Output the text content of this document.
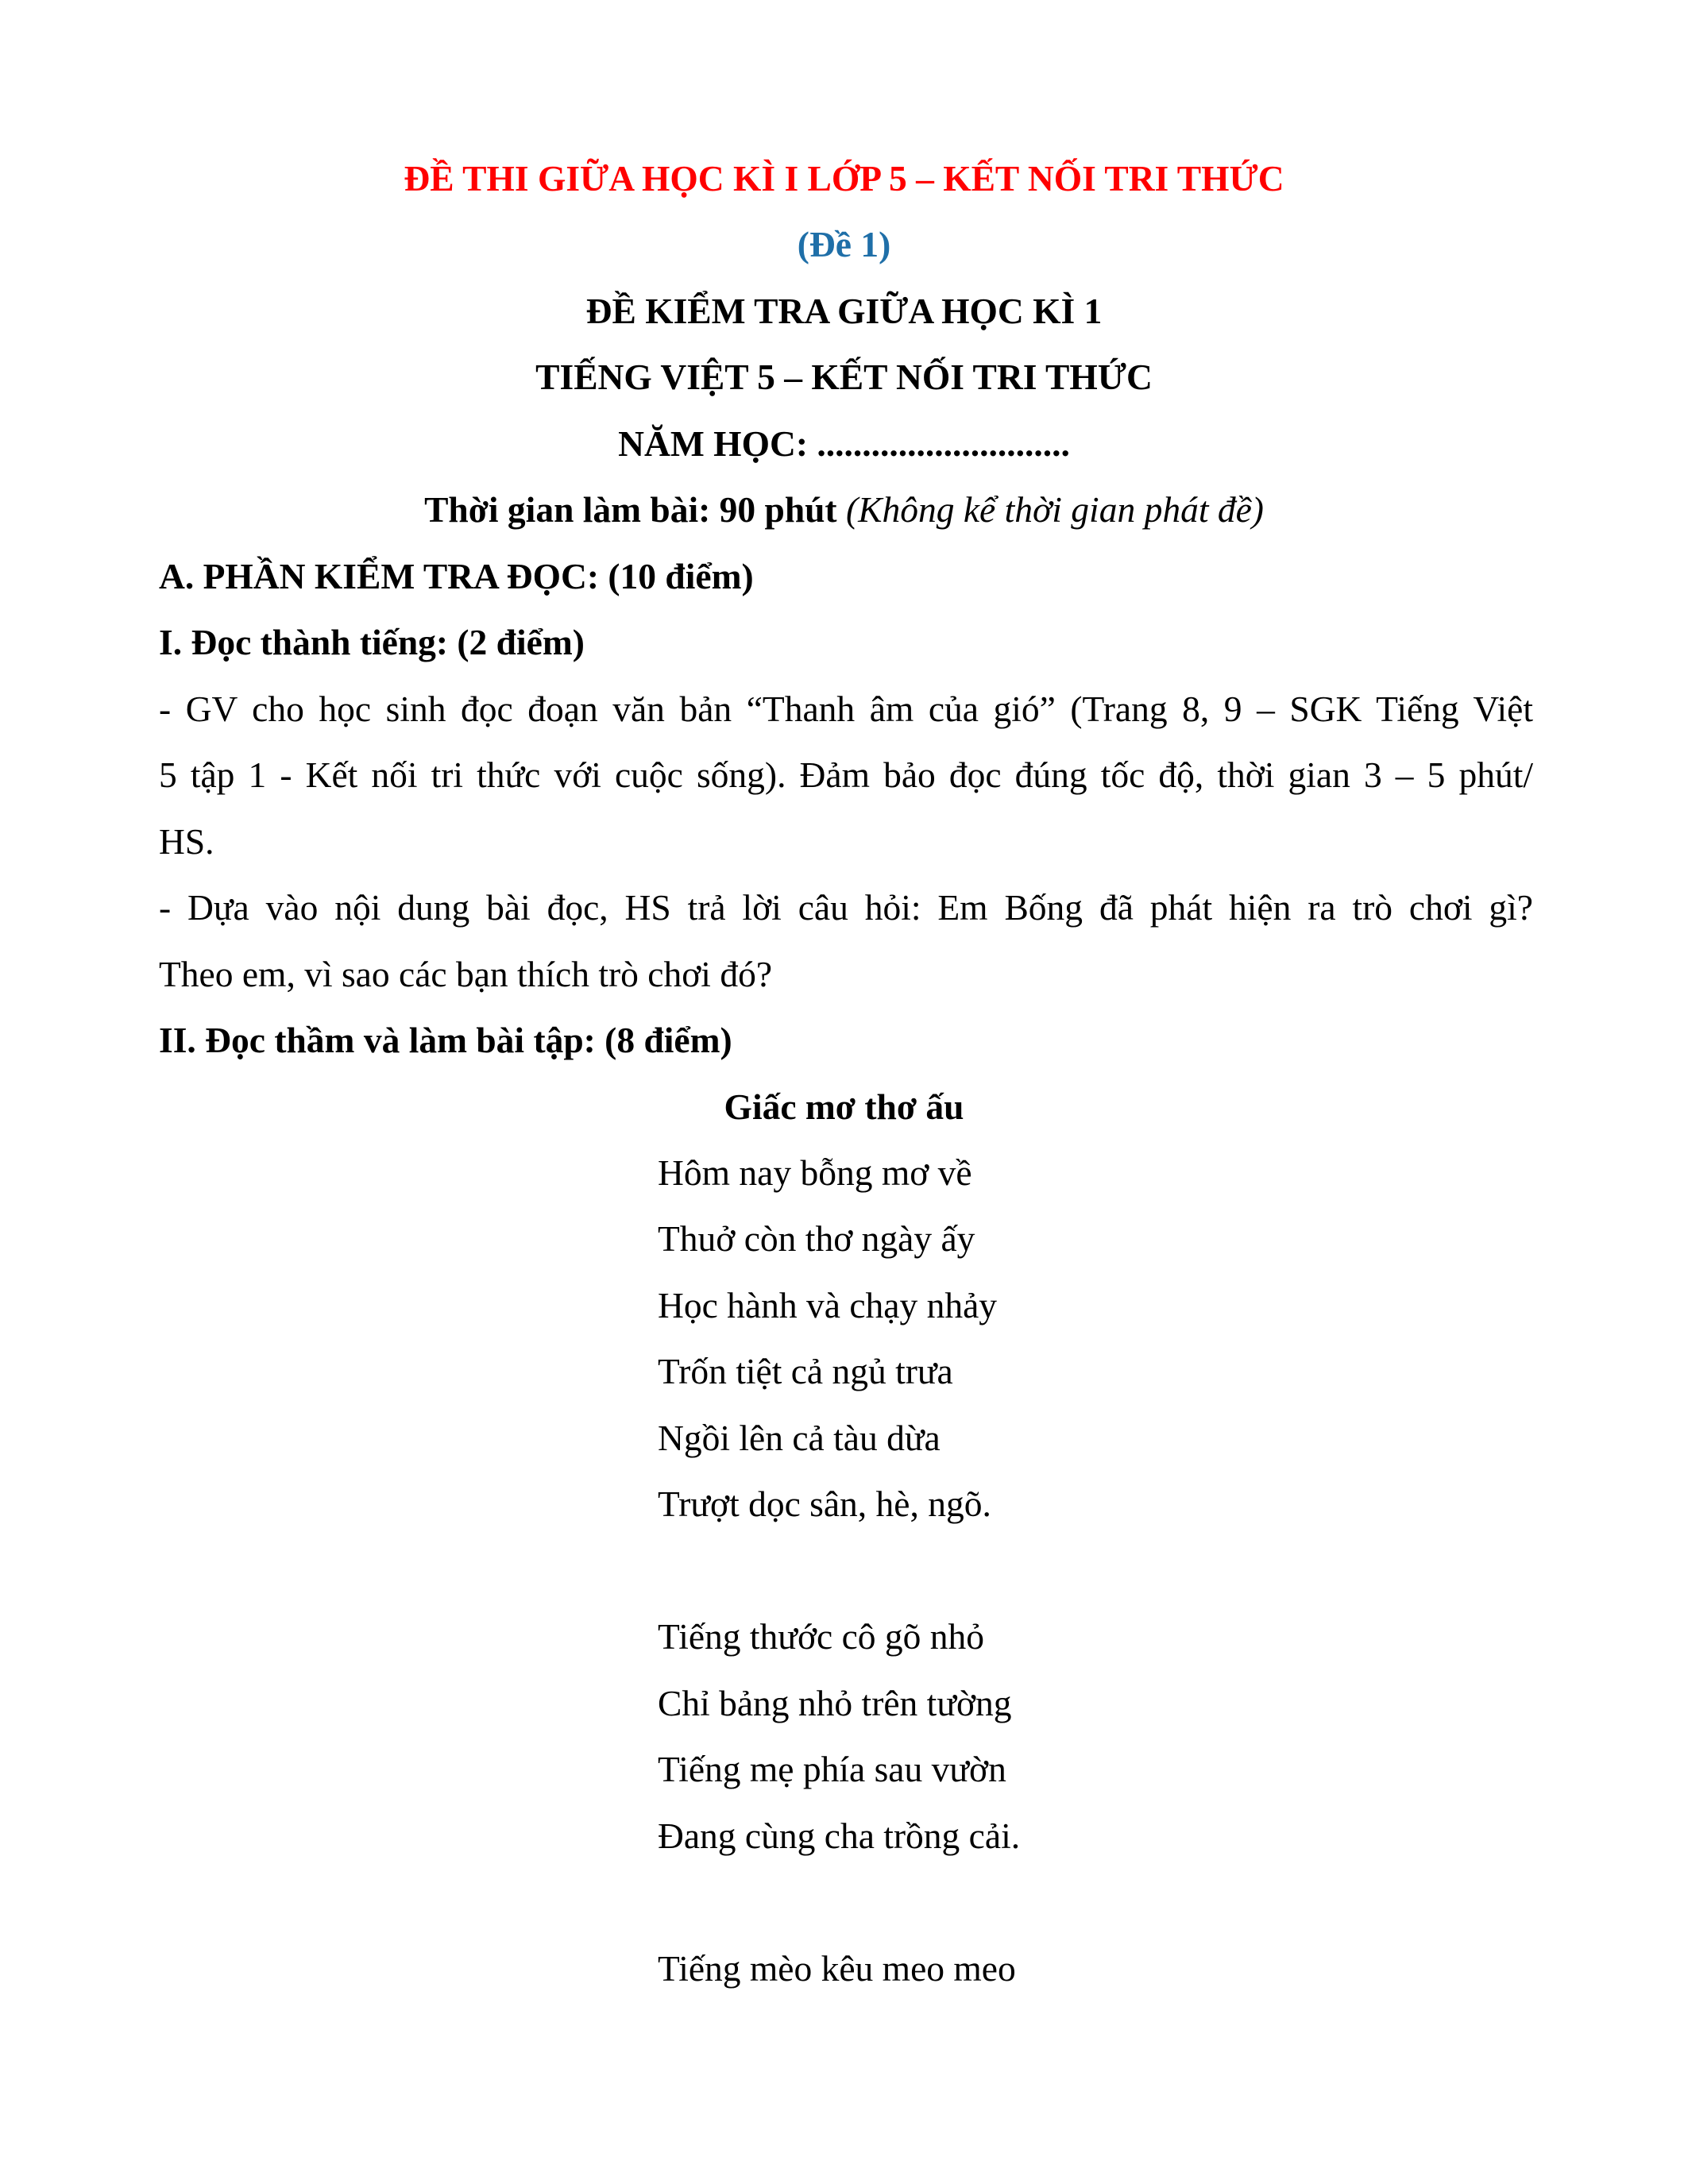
ĐỀ THI GIỮA HỌC KÌ I LỚP 5 – KẾT NỐI TRI THỨC
(Đề 1)
ĐỀ KIỂM TRA GIỮA HỌC KÌ 1
TIẾNG VIỆT 5 – KẾT NỐI TRI THỨC
NĂM HỌC: ............................
Thời gian làm bài: 90 phút (Không kể thời gian phát đề)
A. PHẦN KIỂM TRA ĐỌC: (10 điểm)
I. Đọc thành tiếng: (2 điểm)
- GV cho học sinh đọc đoạn văn bản “Thanh âm của gió” (Trang 8, 9 – SGK Tiếng Việt
5 tập 1 - Kết nối tri thức với cuộc sống). Đảm bảo đọc đúng tốc độ, thời gian 3 – 5 phút/
HS.
- Dựa vào nội dung bài đọc, HS trả lời câu hỏi: Em Bống đã phát hiện ra trò chơi gì?
Theo em, vì sao các bạn thích trò chơi đó?
II. Đọc thầm và làm bài tập: (8 điểm)
Giấc mơ thơ ấu
Hôm nay bỗng mơ về
Thuở còn thơ ngày ấy
Học hành và chạy nhảy
Trốn tiệt cả ngủ trưa
Ngồi lên cả tàu dừa
Trượt dọc sân, hè, ngõ.
Tiếng thước cô gõ nhỏ
Chỉ bảng nhỏ trên tường
Tiếng mẹ phía sau vườn
Đang cùng cha trồng cải.
Tiếng mèo kêu meo meo
